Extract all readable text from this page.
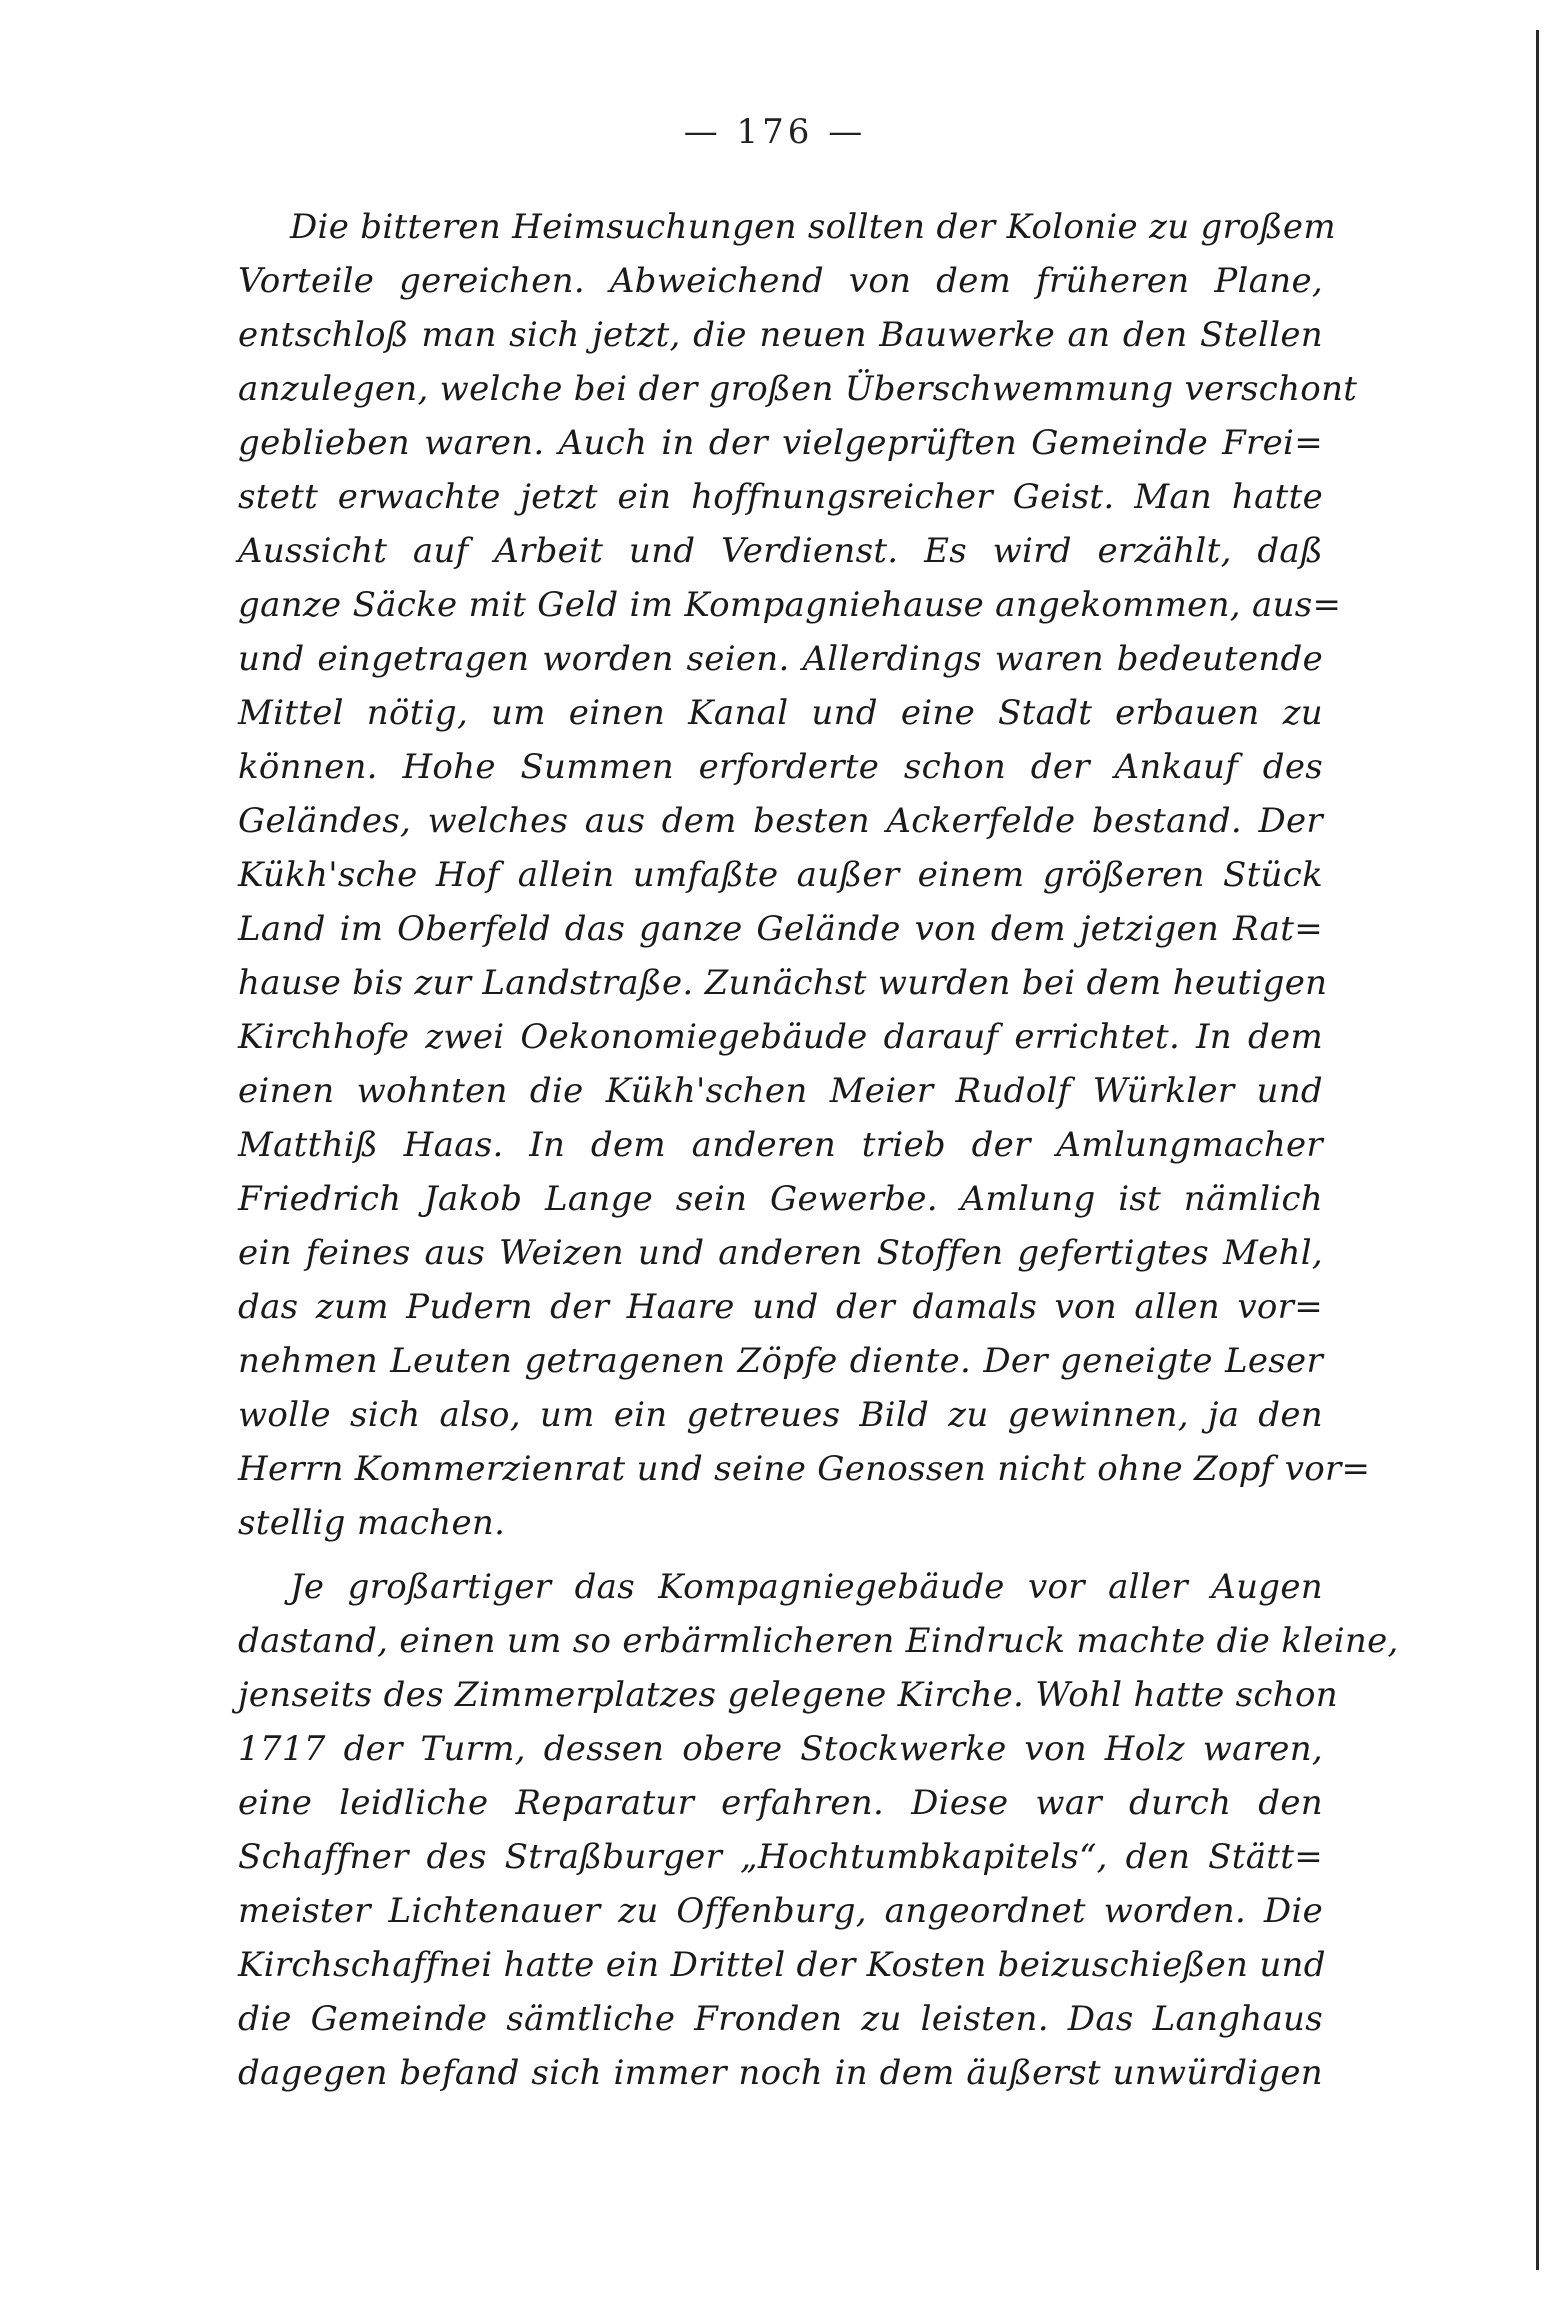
— 176 —
Die bitteren Heimsuchungen sollten der Kolonie zu großem
Vorteile gereichen. Abweichend von dem früheren Plane,
entschloß man sich jetzt, die neuen Bauwerke an den Stellen
anzulegen, welche bei der großen Überschwemmung verschont
geblieben waren. Auch in der vielgeprüften Gemeinde Frei=
stett erwachte jetzt ein hoffnungsreicher Geist. Man hatte
Aussicht auf Arbeit und Verdienst. Es wird erzählt, daß
ganze Säcke mit Geld im Kompagniehause angekommen, aus=
und eingetragen worden seien. Allerdings waren bedeutende
Mittel nötig, um einen Kanal und eine Stadt erbauen zu
können. Hohe Summen erforderte schon der Ankauf des
Geländes, welches aus dem besten Ackerfelde bestand. Der
Kükh'sche Hof allein umfaßte außer einem größeren Stück
Land im Oberfeld das ganze Gelände von dem jetzigen Rat=
hause bis zur Landstraße. Zunächst wurden bei dem heutigen
Kirchhofe zwei Oekonomiegebäude darauf errichtet. In dem
einen wohnten die Kükh'schen Meier Rudolf Würkler und
Matthiß Haas. In dem anderen trieb der Amlungmacher
Friedrich Jakob Lange sein Gewerbe. Amlung ist nämlich
ein feines aus Weizen und anderen Stoffen gefertigtes Mehl,
das zum Pudern der Haare und der damals von allen vor=
nehmen Leuten getragenen Zöpfe diente. Der geneigte Leser
wolle sich also, um ein getreues Bild zu gewinnen, ja den
Herrn Kommerzienrat und seine Genossen nicht ohne Zopf vor=
stellig machen.
Je großartiger das Kompagniegebäude vor aller Augen
dastand, einen um so erbärmlicheren Eindruck machte die kleine,
jenseits des Zimmerplatzes gelegene Kirche. Wohl hatte schon
1717 der Turm, dessen obere Stockwerke von Holz waren,
eine leidliche Reparatur erfahren. Diese war durch den
Schaffner des Straßburger „Hochtumbkapitels“, den Stätt=
meister Lichtenauer zu Offenburg, angeordnet worden. Die
Kirchschaffnei hatte ein Drittel der Kosten beizuschießen und
die Gemeinde sämtliche Fronden zu leisten. Das Langhaus
dagegen befand sich immer noch in dem äußerst unwürdigen
